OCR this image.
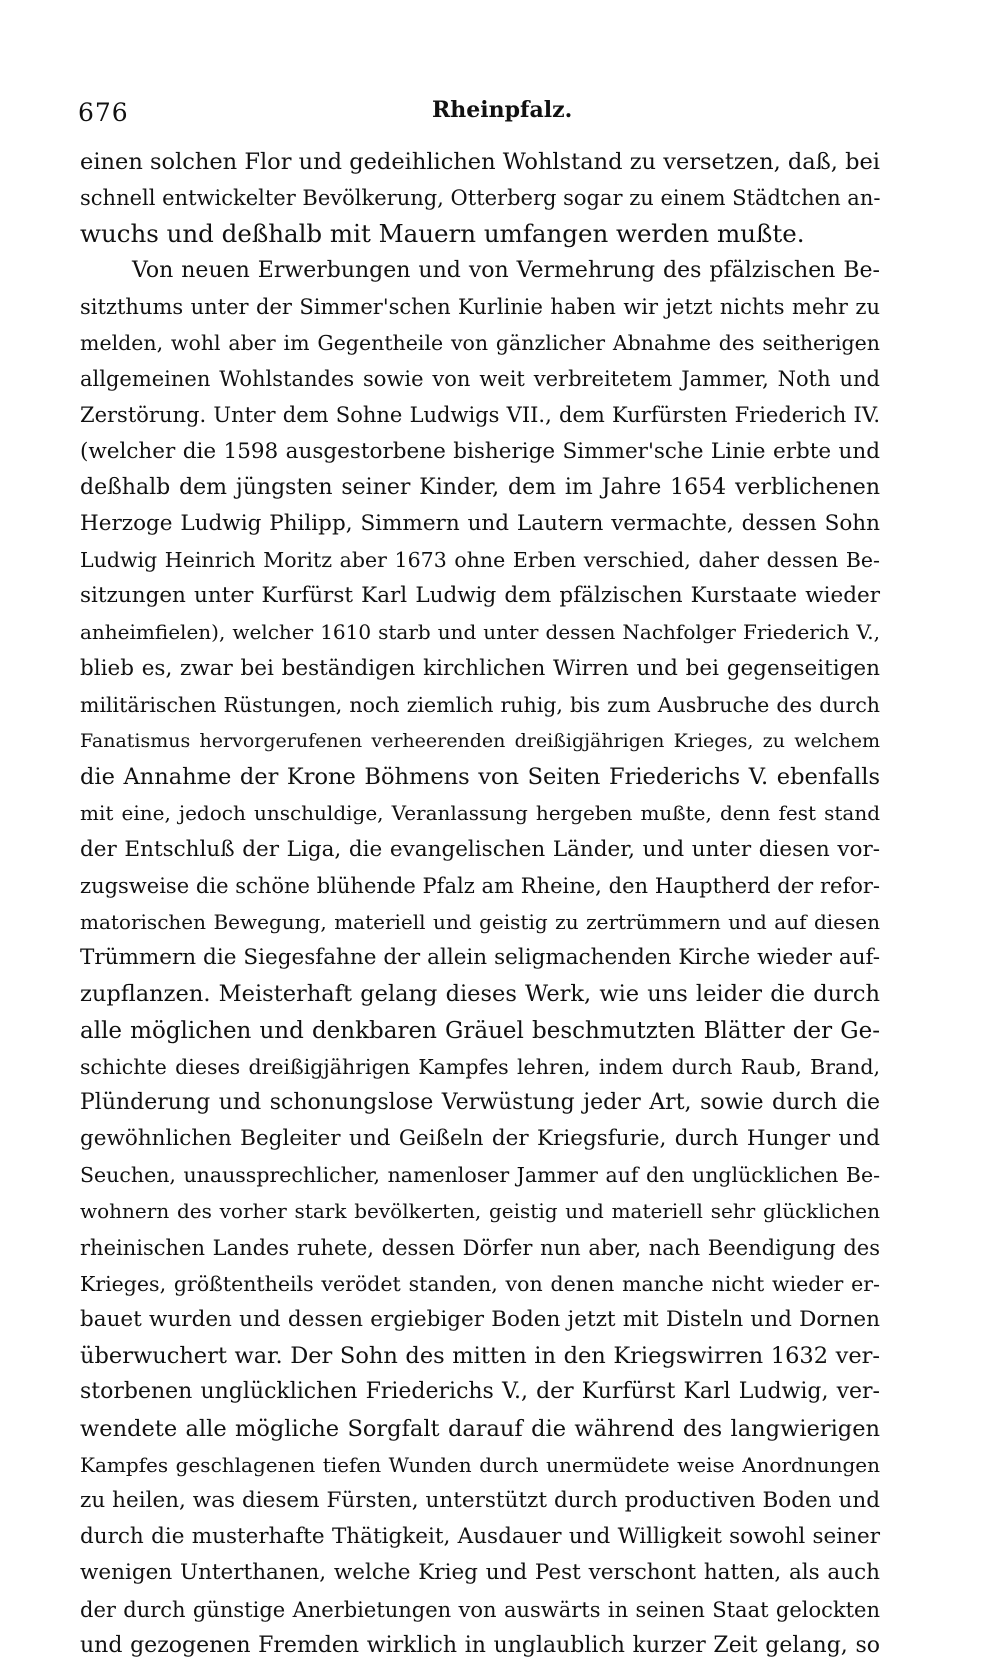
676	Rheinpfalz.
einen solchen Flor und gedeihlichen Wohlstand zu versetzen, daß, bei
schnell entwickelter Bevölkerung, Otterberg sogar zu einem Städtchen an-
wuchs und deßhalb mit Mauern umfangen werden mußte.
Von neuen Erwerbungen und von Vermehrung des pfälzischen Be-
sitzthums unter der Simmer'schen Kurlinie haben wir jetzt nichts mehr zu
melden, wohl aber im Gegentheile von gänzlicher Abnahme des seitherigen
allgemeinen Wohlstandes sowie von weit verbreitetem Jammer, Noth und
Zerstörung. Unter dem Sohne Ludwigs VII., dem Kurfürsten Friederich IV.
(welcher die 1598 ausgestorbene bisherige Simmer'sche Linie erbte und
deßhalb dem jüngsten seiner Kinder, dem im Jahre 1654 verblichenen
Herzoge Ludwig Philipp, Simmern und Lautern vermachte, dessen Sohn
Ludwig Heinrich Moritz aber 1673 ohne Erben verschied, daher dessen Be-
sitzungen unter Kurfürst Karl Ludwig dem pfälzischen Kurstaate wieder
anheimfielen), welcher 1610 starb und unter dessen Nachfolger Friederich V.,
blieb es, zwar bei beständigen kirchlichen Wirren und bei gegenseitigen
militärischen Rüstungen, noch ziemlich ruhig, bis zum Ausbruche des durch
Fanatismus hervorgerufenen verheerenden dreißigjährigen Krieges, zu welchem
die Annahme der Krone Böhmens von Seiten Friederichs V. ebenfalls
mit eine, jedoch unschuldige, Veranlassung hergeben mußte, denn fest stand
der Entschluß der Liga, die evangelischen Länder, und unter diesen vor-
zugsweise die schöne blühende Pfalz am Rheine, den Hauptherd der refor-
matorischen Bewegung, materiell und geistig zu zertrümmern und auf diesen
Trümmern die Siegesfahne der allein seligmachenden Kirche wieder auf-
zupflanzen. Meisterhaft gelang dieses Werk, wie uns leider die durch
alle möglichen und denkbaren Gräuel beschmutzten Blätter der Ge-
schichte dieses dreißigjährigen Kampfes lehren, indem durch Raub, Brand,
Plünderung und schonungslose Verwüstung jeder Art, sowie durch die
gewöhnlichen Begleiter und Geißeln der Kriegsfurie, durch Hunger und
Seuchen, unaussprechlicher, namenloser Jammer auf den unglücklichen Be-
wohnern des vorher stark bevölkerten, geistig und materiell sehr glücklichen
rheinischen Landes ruhete, dessen Dörfer nun aber, nach Beendigung des
Krieges, größtentheils verödet standen, von denen manche nicht wieder er-
bauet wurden und dessen ergiebiger Boden jetzt mit Disteln und Dornen
überwuchert war. Der Sohn des mitten in den Kriegswirren 1632 ver-
storbenen unglücklichen Friederichs V., der Kurfürst Karl Ludwig, ver-
wendete alle mögliche Sorgfalt darauf die während des langwierigen
Kampfes geschlagenen tiefen Wunden durch unermüdete weise Anordnungen
zu heilen, was diesem Fürsten, unterstützt durch productiven Boden und
durch die musterhafte Thätigkeit, Ausdauer und Willigkeit sowohl seiner
wenigen Unterthanen, welche Krieg und Pest verschont hatten, als auch
der durch günstige Anerbietungen von auswärts in seinen Staat gelockten
und gezogenen Fremden wirklich in unglaublich kurzer Zeit gelang, so
